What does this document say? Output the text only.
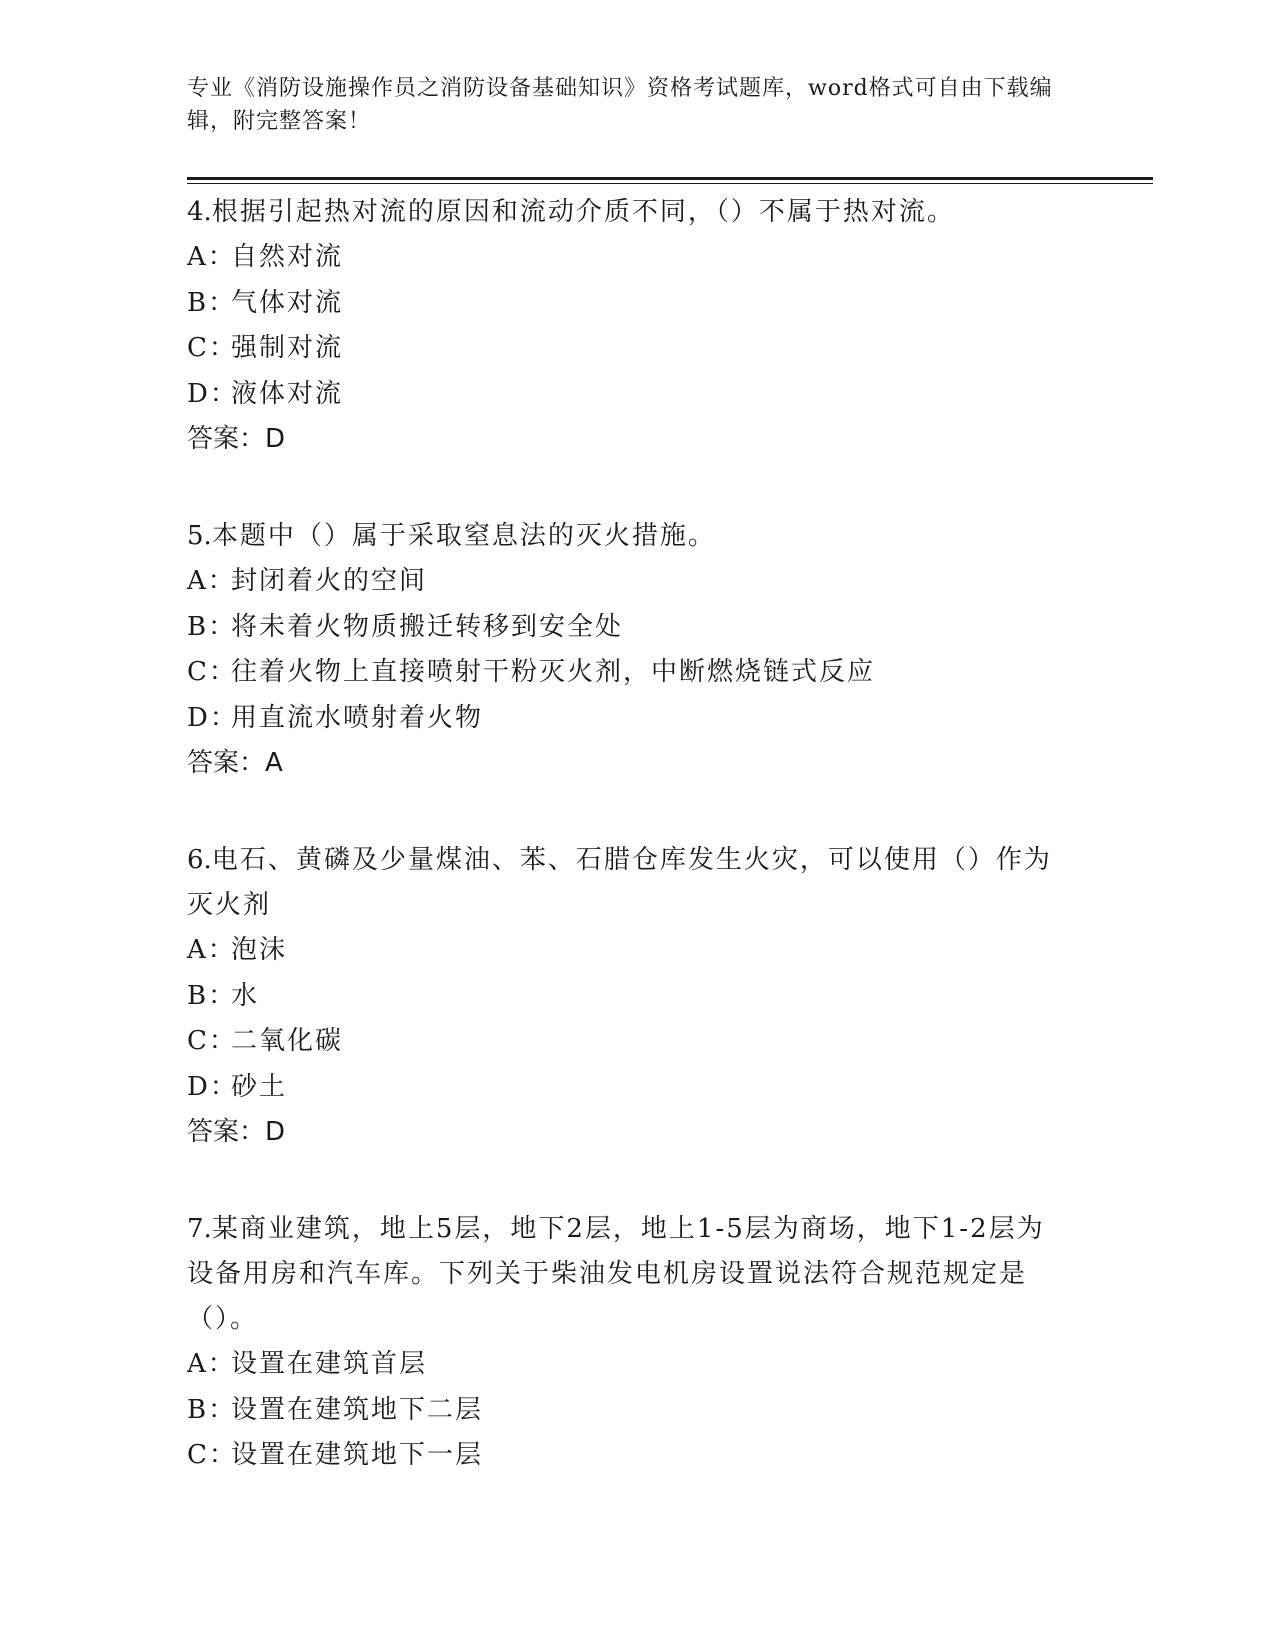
专业《消防设施操作员之消防设备基础知识》资格考试题库，word格式可自由下载编辑，附完整答案！

4.根据引起热对流的原因和流动介质不同，（）不属于热对流。

A：自然对流

B：气体对流

C：强制对流

D：液体对流

答案：D

5.本题中（）属于采取窒息法的灭火措施。

A：封闭着火的空间

B：将未着火物质搬迁转移到安全处

C：往着火物上直接喷射干粉灭火剂，中断燃烧链式反应

D：用直流水喷射着火物

答案：A

6.电石、黄磷及少量煤油、苯、石腊仓库发生火灾，可以使用（）作为灭火剂

A：泡沫

B：水

C：二氧化碳

D：砂土

答案：D

7.某商业建筑，地上5层，地下2层，地上1-5层为商场，地下1-2层为设备用房和汽车库。下列关于柴油发电机房设置说法符合规范规定是（）。

A：设置在建筑首层

B：设置在建筑地下二层

C：设置在建筑地下一层
